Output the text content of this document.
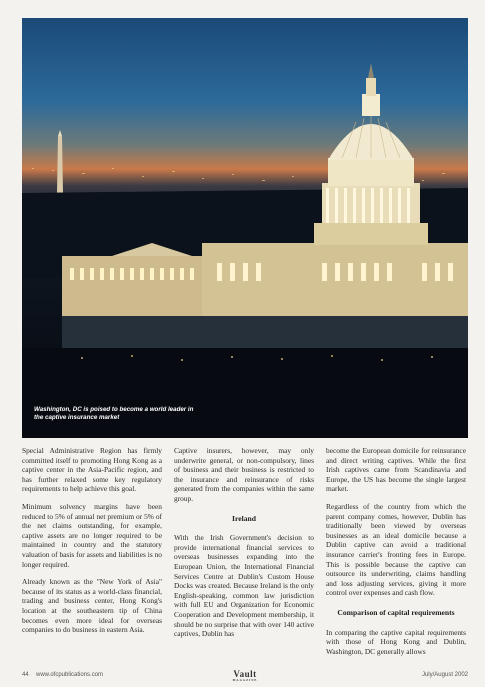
Washington, DC is poised to become a world leader in the captive insurance market

Special Administrative Region has firmly committed itself to promoting Hong Kong as a captive center in the Asia-Pacific region, and has further relaxed some key regulatory requirements to help achieve this goal.

Minimum solvency margins have been reduced to 5% of annual net premium or 5% of the net claims outstanding, for example, captive assets are no longer required to be maintained in country and the statutory valuation of basis for assets and liabilities is no longer required.

Already known as the "New York of Asia" because of its status as a world-class financial, trading and business center, Hong Kong's location at the southeastern tip of China becomes even more ideal for overseas companies to do business in eastern Asia.

Captive insurers, however, may only underwrite general, or non-compulsory, lines of business and their business is restricted to the insurance and reinsurance of risks generated from the companies within the same group.

Ireland

With the Irish Government's decision to provide international financial services to overseas businesses expanding into the European Union, the International Financial Services Centre at Dublin's Custom House Docks was created. Because Ireland is the only English-speaking, common law jurisdiction with full EU and Organization for Economic Cooperation and Development membership, it should be no surprise that with over 140 active captives, Dublin has

become the European domicile for reinsurance and direct writing captives. While the first Irish captives came from Scandinavia and Europe, the US has become the single largest market.

Regardless of the country from which the parent company comes, however, Dublin has traditionally been viewed by overseas businesses as an ideal domicile because a Dublin captive can avoid a traditional insurance carrier's fronting fees in Europe. This is possible because the captive can outsource its underwriting, claims handling and loss adjusting services, giving it more control over expenses and cash flow.

Comparison of capital requirements

In comparing the captive capital requirements with those of Hong Kong and Dublin, Washington, DC generally allows

44 www.ofcpublications.com	Vault
MAGAZINE
July/August 2002
